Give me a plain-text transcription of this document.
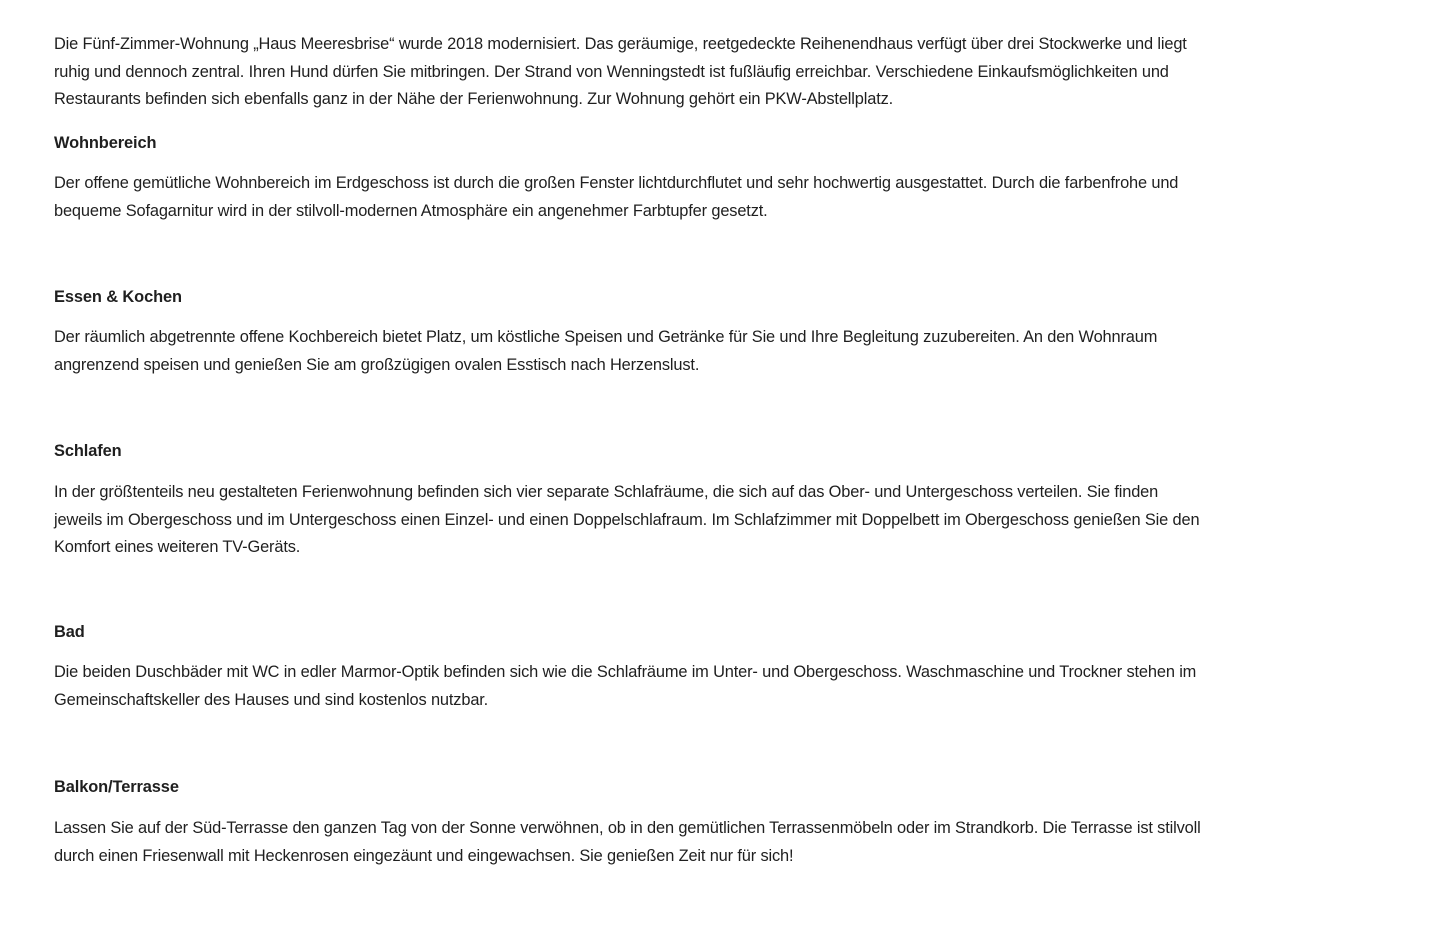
Die Fünf-Zimmer-Wohnung „Haus Meeresbrise“ wurde 2018 modernisiert. Das geräumige, reetgedeckte Reihenendhaus verfügt über drei Stockwerke und liegt
ruhig und dennoch zentral. Ihren Hund dürfen Sie mitbringen. Der Strand von Wenningstedt ist fußläufig erreichbar. Verschiedene Einkaufsmöglichkeiten und
Restaurants befinden sich ebenfalls ganz in der Nähe der Ferienwohnung. Zur Wohnung gehört ein PKW-Abstellplatz.
Wohnbereich
Der offene gemütliche Wohnbereich im Erdgeschoss ist durch die großen Fenster lichtdurchflutet und sehr hochwertig ausgestattet. Durch die farbenfrohe und
bequeme Sofagarnitur wird in der stilvoll-modernen Atmosphäre ein angenehmer Farbtupfer gesetzt.
Essen & Kochen
Der räumlich abgetrennte offene Kochbereich bietet Platz, um köstliche Speisen und Getränke für Sie und Ihre Begleitung zuzubereiten. An den Wohnraum
angrenzend speisen und genießen Sie am großzügigen ovalen Esstisch nach Herzenslust.
Schlafen
In der größtenteils neu gestalteten Ferienwohnung befinden sich vier separate Schlafräume, die sich auf das Ober- und Untergeschoss verteilen. Sie finden
jeweils im Obergeschoss und im Untergeschoss einen Einzel- und einen Doppelschlafraum. Im Schlafzimmer mit Doppelbett im Obergeschoss genießen Sie den
Komfort eines weiteren TV-Geräts.
Bad
Die beiden Duschbäder mit WC in edler Marmor-Optik befinden sich wie die Schlafräume im Unter- und Obergeschoss. Waschmaschine und Trockner stehen im
Gemeinschaftskeller des Hauses und sind kostenlos nutzbar.
Balkon/Terrasse
Lassen Sie auf der Süd-Terrasse den ganzen Tag von der Sonne verwöhnen, ob in den gemütlichen Terrassenmöbeln oder im Strandkorb. Die Terrasse ist stilvoll
durch einen Friesenwall mit Heckenrosen eingezäunt und eingewachsen. Sie genießen Zeit nur für sich!
